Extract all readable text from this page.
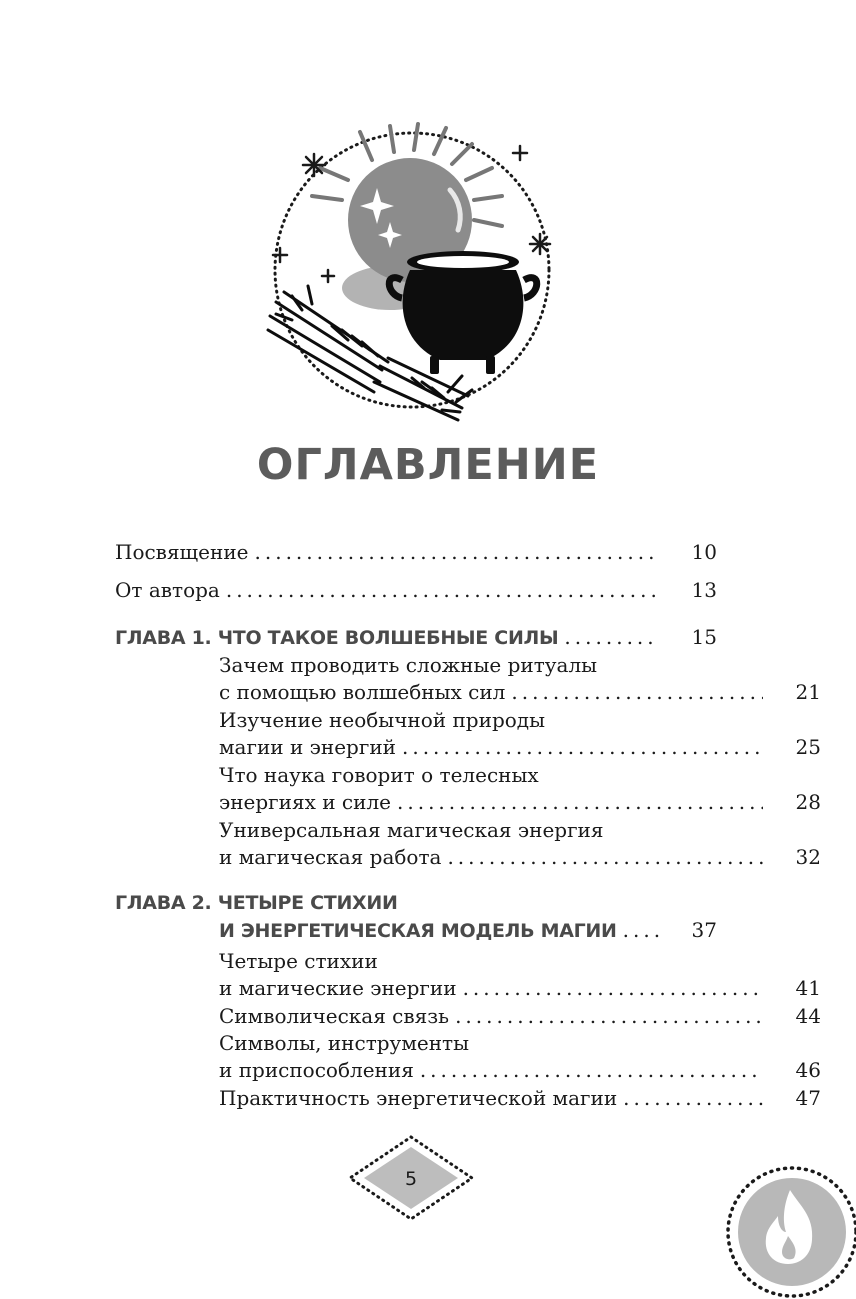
ОГЛАВЛЕНИЕ
Посвящение .....	10
От автора .....	13
ГЛАВА 1. ЧТО ТАКОЕ ВОЛШЕБНЫЕ СИЛЫ .....	15
Зачем проводить сложные ритуалы
с помощью волшебных сил .....	21
Изучение необычной природы
магии и энергий .....	25
Что наука говорит о телесных
энергиях и силе .....	28
Универсальная магическая энергия
и магическая работа .....	32
ГЛАВА 2. ЧЕТЫРЕ СТИХИИ
И ЭНЕРГЕТИЧЕСКАЯ МОДЕЛЬ МАГИИ .....	37
Четыре стихии
и магические энергии .....	41
Символическая связь .....	44
Символы, инструменты
и приспособления .....	46
Практичность энергетической магии .....	47
5
